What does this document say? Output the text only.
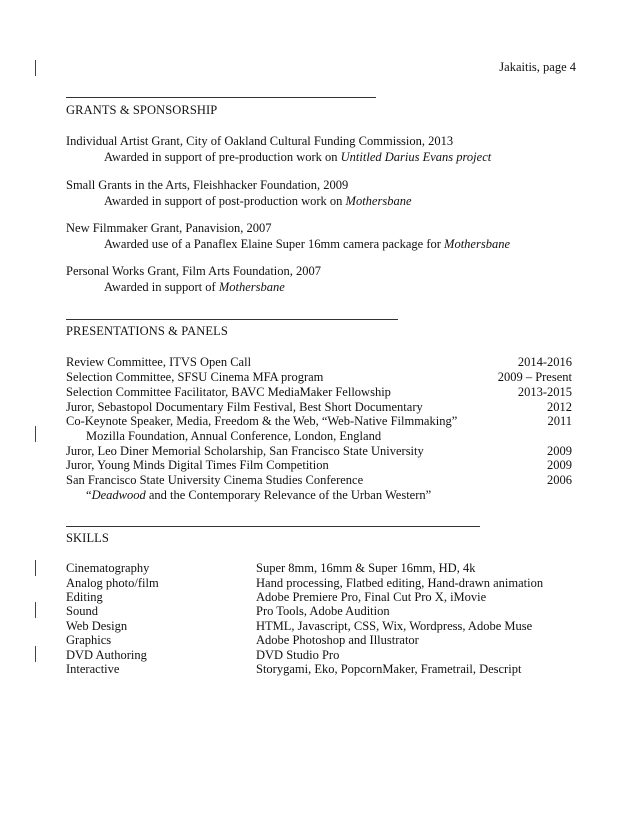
Jakaitis, page 4
GRANTS & SPONSORSHIP
Individual Artist Grant, City of Oakland Cultural Funding Commission, 2013
Awarded in support of pre-production work on Untitled Darius Evans project
Small Grants in the Arts, Fleishhacker Foundation, 2009
Awarded in support of post-production work on Mothersbane
New Filmmaker Grant, Panavision, 2007
Awarded use of a Panaflex Elaine Super 16mm camera package for Mothersbane
Personal Works Grant, Film Arts Foundation, 2007
Awarded in support of Mothersbane
PRESENTATIONS & PANELS
Review Committee, ITVS Open Call	2014-2016
Selection Committee, SFSU Cinema MFA program	2009 – Present
Selection Committee Facilitator, BAVC MediaMaker Fellowship	2013-2015
Juror, Sebastopol Documentary Film Festival, Best Short Documentary	2012
Co-Keynote Speaker, Media, Freedom & the Web, “Web-Native Filmmaking”	2011
Mozilla Foundation, Annual Conference, London, England
Juror, Leo Diner Memorial Scholarship, San Francisco State University	2009
Juror, Young Minds Digital Times Film Competition	2009
San Francisco State University Cinema Studies Conference	2006
“Deadwood and the Contemporary Relevance of the Urban Western”
SKILLS
Cinematography	Super 8mm, 16mm & Super 16mm, HD, 4k
Analog photo/film	Hand processing, Flatbed editing, Hand-drawn animation
Editing	Adobe Premiere Pro, Final Cut Pro X, iMovie
Sound	Pro Tools, Adobe Audition
Web Design	HTML, Javascript, CSS, Wix, Wordpress, Adobe Muse
Graphics	Adobe Photoshop and Illustrator
DVD Authoring	DVD Studio Pro
Interactive	Storygami, Eko, PopcornMaker, Frametrail, Descript
